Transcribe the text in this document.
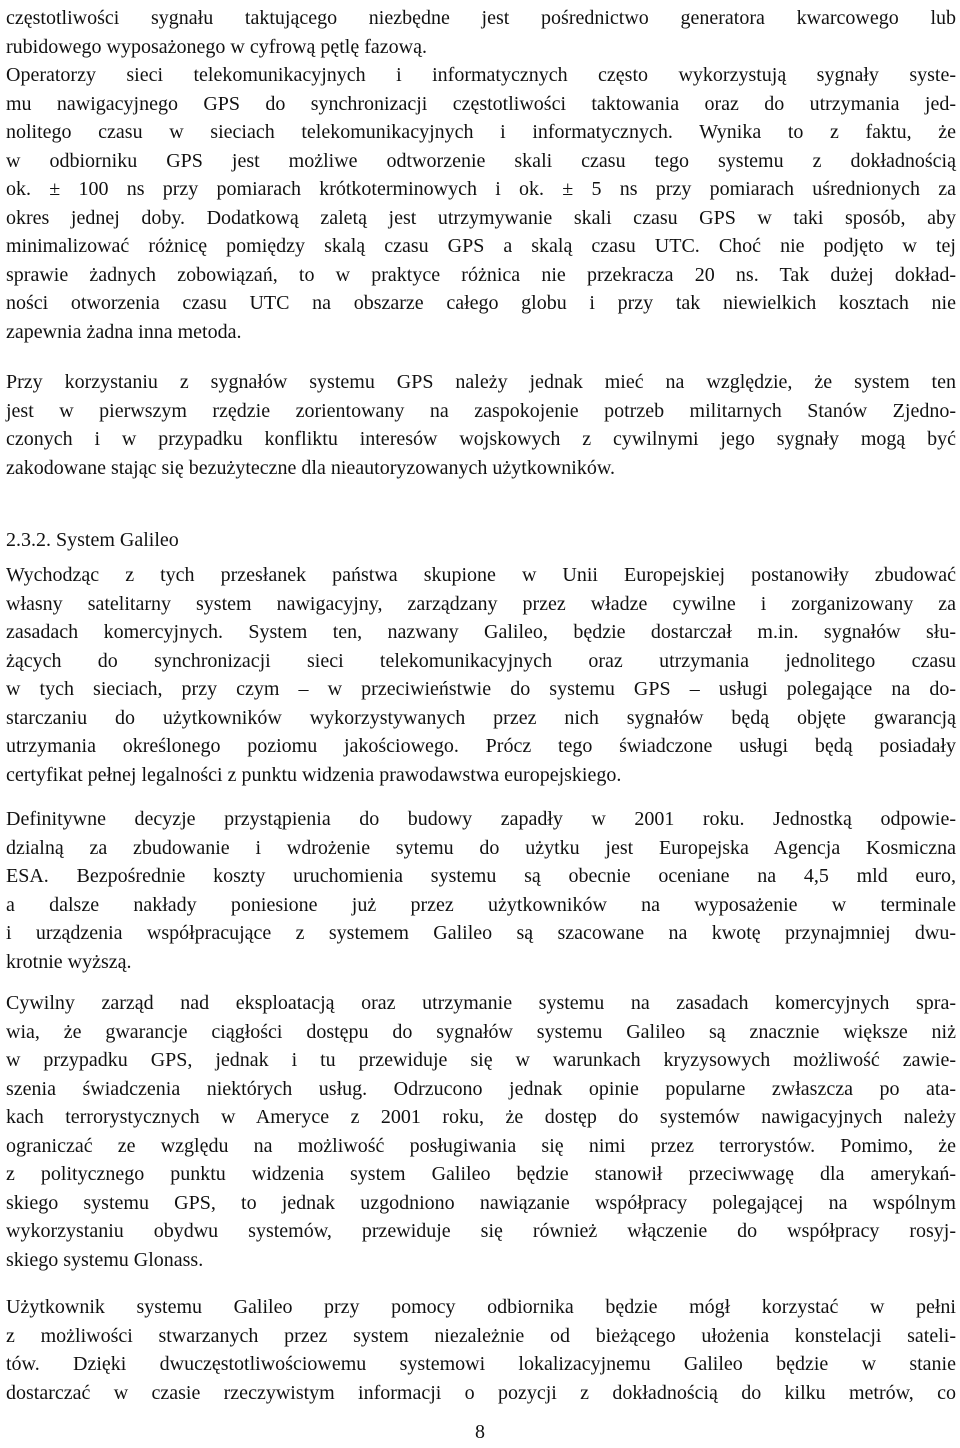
częstotliwości sygnału taktującego niezbędne jest pośrednictwo generatora kwarcowego lub
rubidowego wyposażonego w cyfrową pętlę fazową.
Operatorzy sieci telekomunikacyjnych i informatycznych często wykorzystują sygnały syste-
mu nawigacyjnego GPS do synchronizacji częstotliwości taktowania oraz do utrzymania jed-
nolitego czasu w sieciach telekomunikacyjnych i informatycznych. Wynika to z faktu, że
w odbiorniku GPS jest możliwe odtworzenie skali czasu tego systemu z dokładnością
ok. ± 100 ns przy pomiarach krótkoterminowych i ok. ± 5 ns przy pomiarach uśrednionych za
okres jednej doby. Dodatkową zaletą jest utrzymywanie skali czasu GPS w taki sposób, aby
minimalizować różnicę pomiędzy skalą czasu GPS a skalą czasu UTC. Choć nie podjęto w tej
sprawie żadnych zobowiązań, to w praktyce różnica nie przekracza 20 ns. Tak dużej dokład-
ności otworzenia czasu UTC na obszarze całego globu i przy tak niewielkich kosztach nie
zapewnia żadna inna metoda.
Przy korzystaniu z sygnałów systemu GPS należy jednak mieć na względzie, że system ten
jest w pierwszym rzędzie zorientowany na zaspokojenie potrzeb militarnych Stanów Zjedno-
czonych i w przypadku konfliktu interesów wojskowych z cywilnymi jego sygnały mogą być
zakodowane stając się bezużyteczne dla nieautoryzowanych użytkowników.
2.3.2. System Galileo
Wychodząc z tych przesłanek państwa skupione w Unii Europejskiej postanowiły zbudować
własny satelitarny system nawigacyjny, zarządzany przez władze cywilne i zorganizowany za
zasadach komercyjnych. System ten, nazwany Galileo, będzie dostarczał m.in. sygnałów słu-
żących do synchronizacji sieci telekomunikacyjnych oraz utrzymania jednolitego czasu
w tych sieciach, przy czym – w przeciwieństwie do systemu GPS – usługi polegające na do-
starczaniu do użytkowników wykorzystywanych przez nich sygnałów będą objęte gwarancją
utrzymania określonego poziomu jakościowego. Prócz tego świadczone usługi będą posiadały
certyfikat pełnej legalności z punktu widzenia prawodawstwa europejskiego.
Definitywne decyzje przystąpienia do budowy zapadły w 2001 roku. Jednostką odpowie-
dzialną za zbudowanie i wdrożenie sytemu do użytku jest Europejska Agencja Kosmiczna
ESA. Bezpośrednie koszty uruchomienia systemu są obecnie oceniane na 4,5 mld euro,
a dalsze nakłady poniesione już przez użytkowników na wyposażenie w terminale
i urządzenia współpracujące z systemem Galileo są szacowane na kwotę przynajmniej dwu-
krotnie wyższą.
Cywilny zarząd nad eksploatacją oraz utrzymanie systemu na zasadach komercyjnych spra-
wia, że gwarancje ciągłości dostępu do sygnałów systemu Galileo są znacznie większe niż
w przypadku GPS, jednak i tu przewiduje się w warunkach kryzysowych możliwość zawie-
szenia świadczenia niektórych usług. Odrzucono jednak opinie popularne zwłaszcza po ata-
kach terrorystycznych w Ameryce z 2001 roku, że dostęp do systemów nawigacyjnych należy
ograniczać ze względu na możliwość posługiwania się nimi przez terrorystów. Pomimo, że
z politycznego punktu widzenia system Galileo będzie stanowił przeciwwagę dla amerykań-
skiego systemu GPS, to jednak uzgodniono nawiązanie współpracy polegającej na wspólnym
wykorzystaniu obydwu systemów, przewiduje się również włączenie do współpracy rosyj-
skiego systemu Glonass.
Użytkownik systemu Galileo przy pomocy odbiornika będzie mógł korzystać w pełni
z możliwości stwarzanych przez system niezależnie od bieżącego ułożenia konstelacji sateli-
tów. Dzięki dwuczęstotliwościowemu systemowi lokalizacyjnemu Galileo będzie w stanie
dostarczać w czasie rzeczywistym informacji o pozycji z dokładnością do kilku metrów, co
8
